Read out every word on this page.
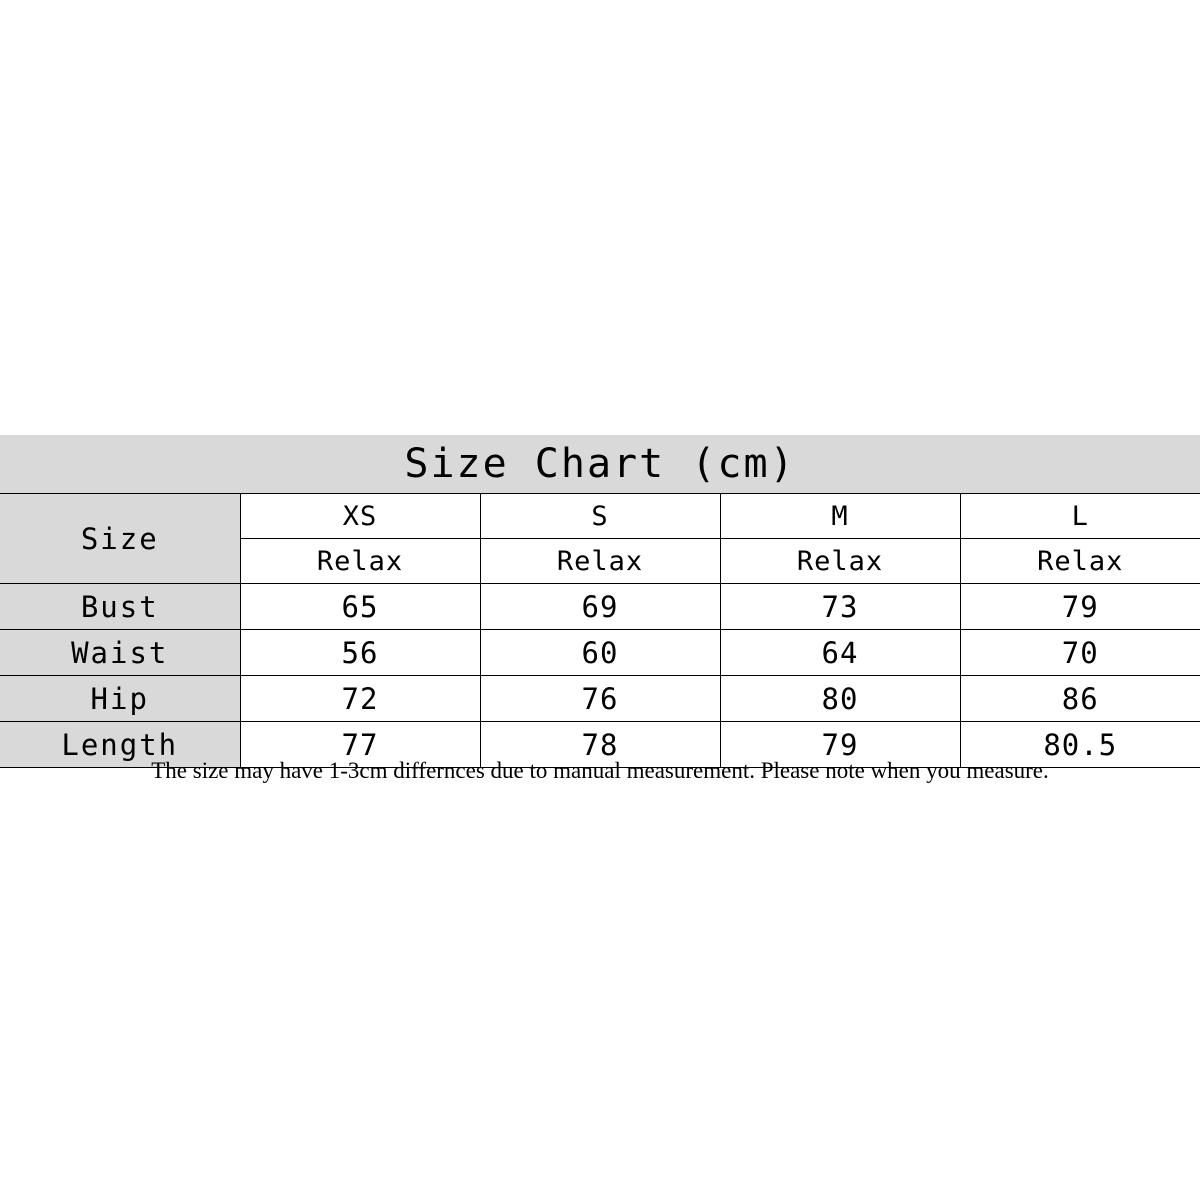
Size Chart (cm)				
Size	XS	S	M	L
	Relax	Relax	Relax	Relax
Bust	65	69	73	79
Waist	56	60	64	70
Hip	72	76	80	86
Length	77	78	79	80.5
The size may have 1-3cm differnces due to manual measurement. Please note when you measure.
